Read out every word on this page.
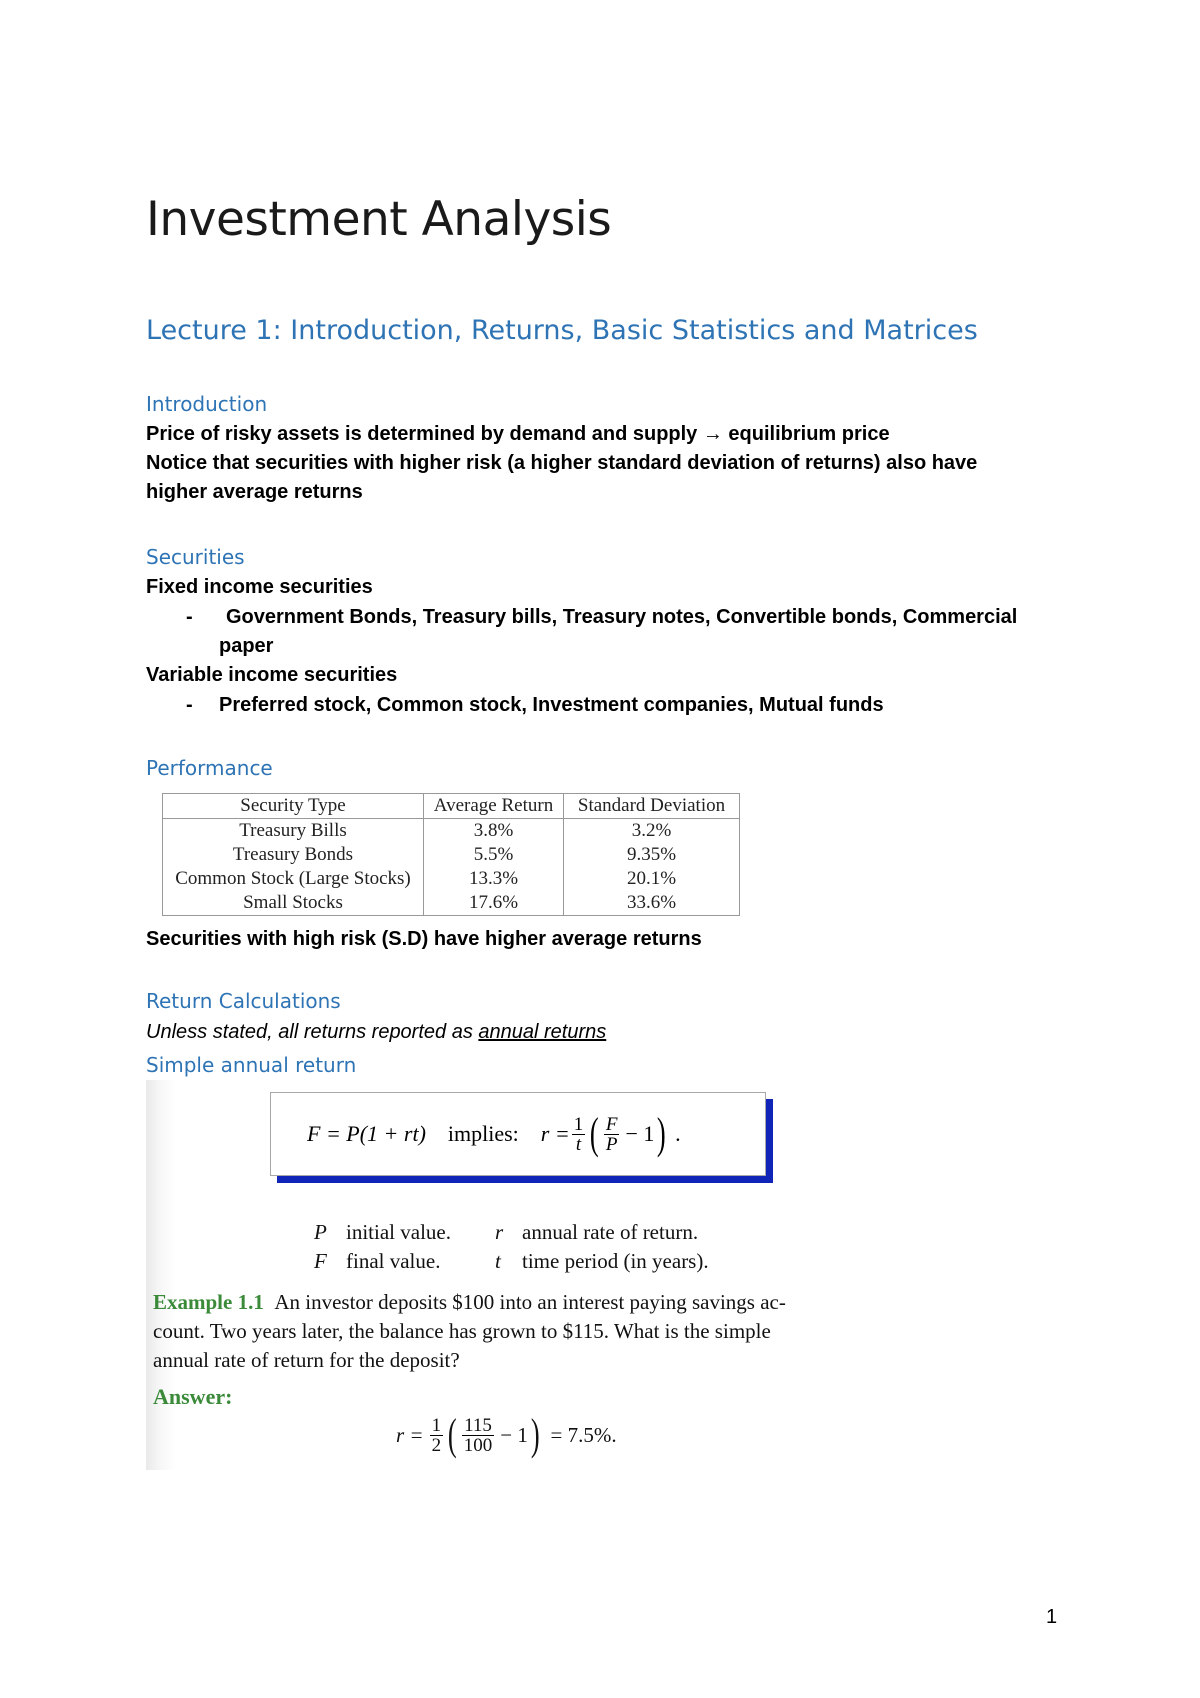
Investment Analysis
Lecture 1: Introduction, Returns, Basic Statistics and Matrices
Introduction
Price of risky assets is determined by demand and supply → equilibrium price
Notice that securities with higher risk (a higher standard deviation of returns) also have
higher average returns
Securities
Fixed income securities
- Government Bonds, Treasury bills, Treasury notes, Convertible bonds, Commercial
paper
Variable income securities
- Preferred stock, Common stock, Investment companies, Mutual funds
Performance
Security Type	Average Return	Standard Deviation
Treasury Bills	3.8%	3.2%
Treasury Bonds	5.5%	9.35%
Common Stock (Large Stocks)	13.3%	20.1%
Small Stocks	17.6%	33.6%
Securities with high risk (S.D) have higher average returns
Return Calculations
Unless stated, all returns reported as annual returns
Simple annual return
F = P(1 + rt) implies: $r = \frac{1}{t}$ ( $\frac{F}{P} - 1$ ) .
P initial value. r annual rate of return.
F final value.	t time period (in years).
Example 1.1 An investor deposits $100 into an interest paying savings ac-
count. Two years later, the balance has grown to $115. What is the simple
annual rate of return for the deposit?
Answer:
$r = \frac{1}{2}$ ( $\frac{115}{100} - 1$ ) = 7.5%.
1
